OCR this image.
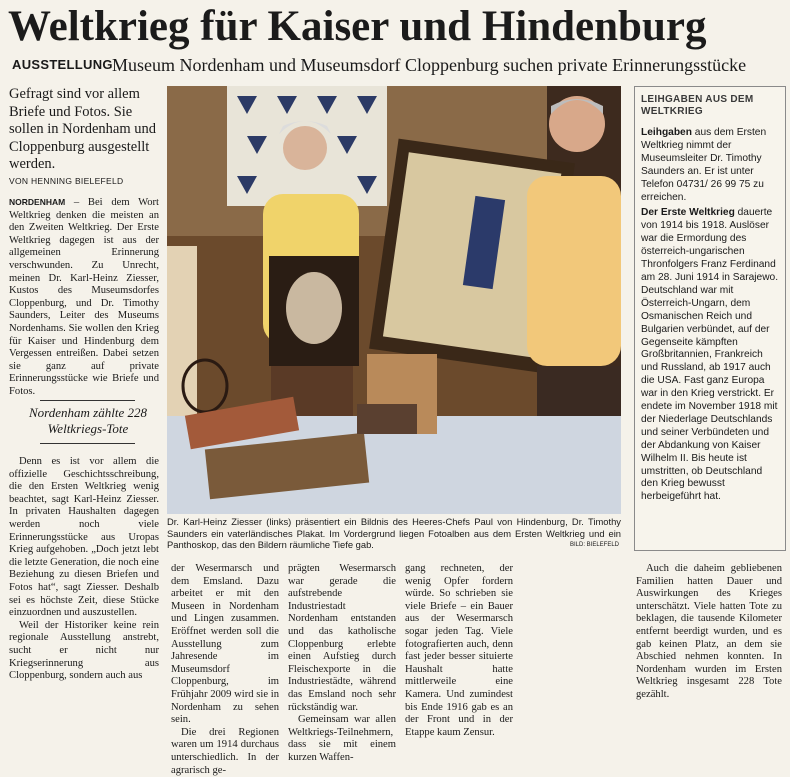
Weltkrieg für Kaiser und Hindenburg
AUSSTELLUNG Museum Nordenham und Museumsdorf Cloppenburg suchen private Erinnerungsstücke
Gefragt sind vor allem Briefe und Fotos. Sie sollen in Nordenham und Cloppenburg ausgestellt werden.
VON HENNING BIELEFELD
NORDENHAM – Bei dem Wort Weltkrieg denken die meisten an den Zweiten Weltkrieg. Der Erste Weltkrieg dagegen ist aus der allgemeinen Erinnerung verschwunden. Zu Unrecht, meinen Dr. Karl-Heinz Ziesser, Kustos des Museumsdorfes Cloppenburg, und Dr. Timothy Saunders, Leiter des Museums Nordenhams. Sie wollen den Krieg für Kaiser und Hindenburg dem Vergessen entreißen. Dabei setzen sie ganz auf private Erinnerungsstücke wie Briefe und Fotos.
Nordenham zählte 228 Weltkriegs-Tote
Denn es ist vor allem die offizielle Geschichtsschreibung, die den Ersten Weltkrieg wenig beachtet, sagt Karl-Heinz Ziesser. In privaten Haushalten dagegen werden noch viele Erinnerungsstücke aus Uropas Krieg aufgehoben. „Doch jetzt lebt die letzte Generation, die noch eine Beziehung zu diesen Briefen und Fotos hat“, sagt Ziesser. Deshalb sei es höchste Zeit, diese Stücke einzuordnen und auszustellen.
Weil der Historiker keine rein regionale Ausstellung anstrebt, sucht er nicht nur Kriegserinnerung aus Cloppenburg, sondern auch aus
Dr. Karl-Heinz Ziesser (links) präsentiert ein Bildnis des Heeres-Chefs Paul von Hindenburg, Dr. Timothy Saunders ein vaterländisches Plakat. Im Vordergrund liegen Fotoalben aus dem Ersten Weltkrieg und ein Panthoskop, das den Bildern räumliche Tiefe gab.	BILD: BIELEFELD
LEIHGABEN AUS DEM WELTKRIEG
Leihgaben aus dem Ersten Weltkrieg nimmt der Museumsleiter Dr. Timothy Saunders an. Er ist unter Telefon 04731/ 26 99 75 zu erreichen.
Der Erste Weltkrieg dauerte von 1914 bis 1918. Auslöser war die Ermordung des österreich-ungarischen Thronfolgers Franz Ferdinand am 28. Juni 1914 in Sarajewo. Deutschland war mit Österreich-Ungarn, dem Osmanischen Reich und Bulgarien verbündet, auf der Gegenseite kämpften Großbritannien, Frankreich und Russland, ab 1917 auch die USA. Fast ganz Europa war in den Krieg verstrickt. Er endete im November 1918 mit der Niederlage Deutschlands und seiner Verbündeten und der Abdankung von Kaiser Wilhelm II. Bis heute ist umstritten, ob Deutschland den Krieg bewusst herbeigeführt hat.
der Wesermarsch und dem Emsland. Dazu arbeitet er mit den Museen in Nordenham und Lingen zusammen. Eröffnet werden soll die Ausstellung zum Jahresende im Museumsdorf Cloppenburg, im Frühjahr 2009 wird sie in Nordenham zu sehen sein.
Die drei Regionen waren um 1914 durchaus unterschiedlich. In der agrarisch ge-
prägten Wesermarsch war gerade die aufstrebende Industriestadt Nordenham entstanden und das katholische Cloppenburg erlebte einen Aufstieg durch Fleischexporte in die Industriestädte, während das Emsland noch sehr rückständig war.
Gemeinsam war allen Weltkriegs-Teilnehmern, dass sie mit einem kurzen Waffen-
gang rechneten, der wenig Opfer fordern würde. So schrieben sie viele Briefe – ein Bauer aus der Wesermarsch sogar jeden Tag. Viele fotografierten auch, denn fast jeder besser situierte Haushalt hatte mittlerweile eine Kamera. Und zumindest bis Ende 1916 gab es an der Front und in der Etappe kaum Zensur.
Auch die daheim gebliebenen Familien hatten Dauer und Auswirkungen des Krieges unterschätzt. Viele hatten Tote zu beklagen, die tausende Kilometer entfernt beerdigt wurden, und es gab keinen Platz, an dem sie Abschied nehmen konnten. In Nordenham wurden im Ersten Weltkrieg insgesamt 228 Tote gezählt.
